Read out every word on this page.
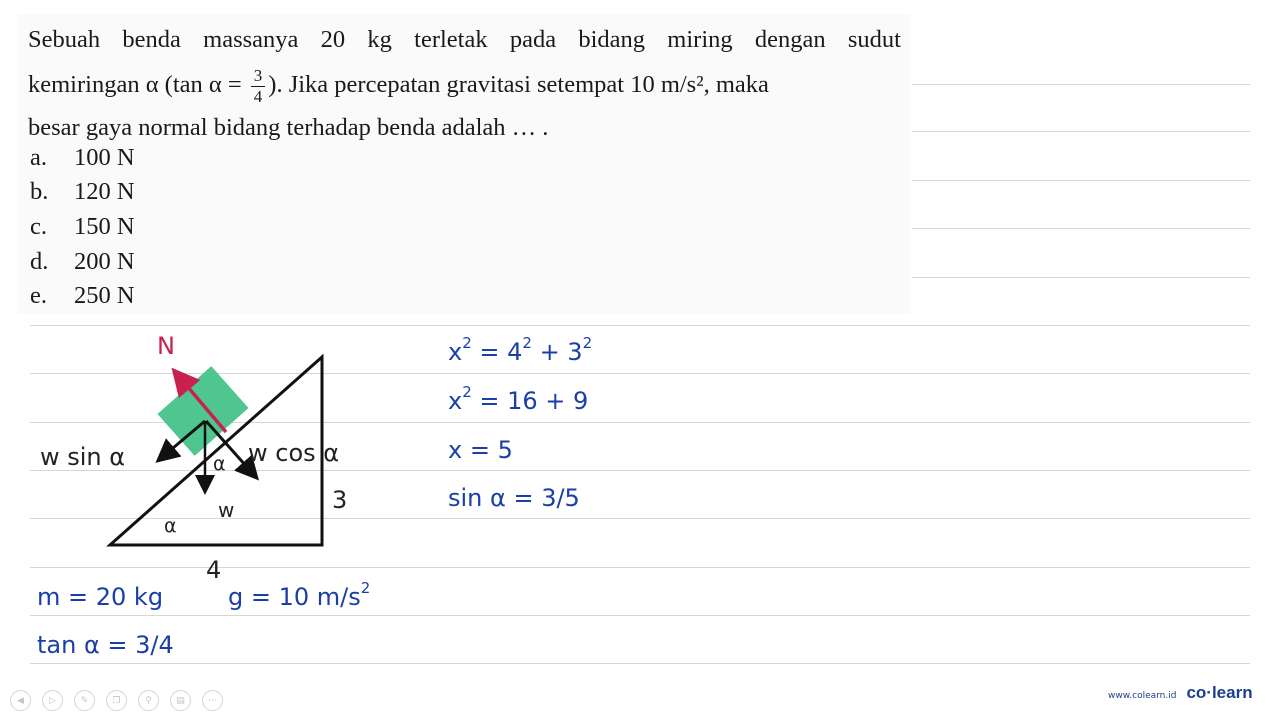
Sebuah benda massanya 20 kg terletak pada bidang miring dengan sudut
kemiringan α (tan $\alpha = \frac{3}{4}$ ). Jika percepatan gravitasi setempat 10 m/s², maka
besar gaya normal bidang terhadap benda adalah … .
a. 100 N
b. 120 N
c. 150 N
d. 200 N
e. 250 N
N
w sin α	w cos α
α
w
α
3
4
$x^2 = 4^2 + 3^2$
$x^2 = 16 + 9$
x = 5
sin α = 3/5
m = 20 kg	g = 10 $m/s^2$
tan α = 3/4
◀	▷	✎	❐	⚲	▤	⋯	www.colearn.id co·learn
